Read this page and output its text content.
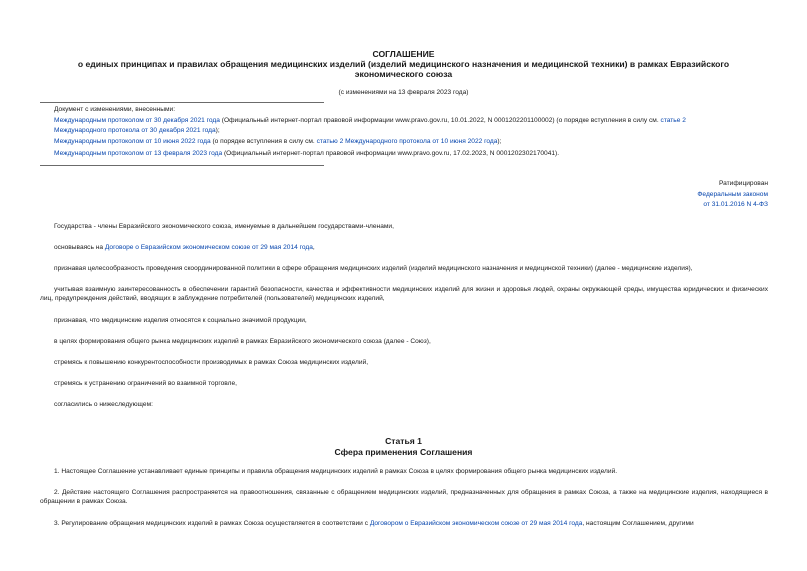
СОГЛАШЕНИЕ
о единых принципах и правилах обращения медицинских изделий (изделий медицинского назначения и медицинской техники) в рамках Евразийского
экономического союза
(с изменениями на 13 февраля 2023 года)
Документ с изменениями, внесенными:
Международным протоколом от 30 декабря 2021 года (Официальный интернет-портал правовой информации www.pravo.gov.ru, 10.01.2022, N 0001202201100002) (о порядке вступления в силу см. статье 2
Международного протокола от 30 декабря 2021 года);
Международным протоколом от 10 июня 2022 года (о порядке вступления в силу см. статью 2 Международного протокола от 10 июня 2022 года);
Международным протоколом от 13 февраля 2023 года (Официальный интернет-портал правовой информации www.pravo.gov.ru, 17.02.2023, N 0001202302170041).
Ратифицирован
Федеральным законом
от 31.01.2016 N 4-ФЗ
Государства - члены Евразийского экономического союза, именуемые в дальнейшем государствами-членами,
основываясь на Договоре о Евразийском экономическом союзе от 29 мая 2014 года,
признавая целесообразность проведения скоординированной политики в сфере обращения медицинских изделий (изделий медицинского назначения и медицинской техники) (далее - медицинские изделия),
учитывая взаимную заинтересованность в обеспечении гарантий безопасности, качества и эффективности медицинских изделий для жизни и здоровья людей, охраны окружающей среды, имущества юридических и физических лиц, предупреждения действий, вводящих в заблуждение потребителей (пользователей) медицинских изделий,
признавая, что медицинские изделия относятся к социально значимой продукции,
в целях формирования общего рынка медицинских изделий в рамках Евразийского экономического союза (далее - Союз),
стремясь к повышению конкурентоспособности производимых в рамках Союза медицинских изделий,
стремясь к устранению ограничений во взаимной торговле,
согласились о нижеследующем:
Статья 1
Сфера применения Соглашения
1. Настоящее Соглашение устанавливает единые принципы и правила обращения медицинских изделий в рамках Союза в целях формирования общего рынка медицинских изделий.
2. Действие настоящего Соглашения распространяется на правоотношения, связанные с обращением медицинских изделий, предназначенных для обращения в рамках Союза, а также на медицинские изделия, находящиеся в обращении в рамках Союза.
3. Регулирование обращения медицинских изделий в рамках Союза осуществляется в соответствии с Договором о Евразийском экономическом союзе от 29 мая 2014 года, настоящим Соглашением, другими
